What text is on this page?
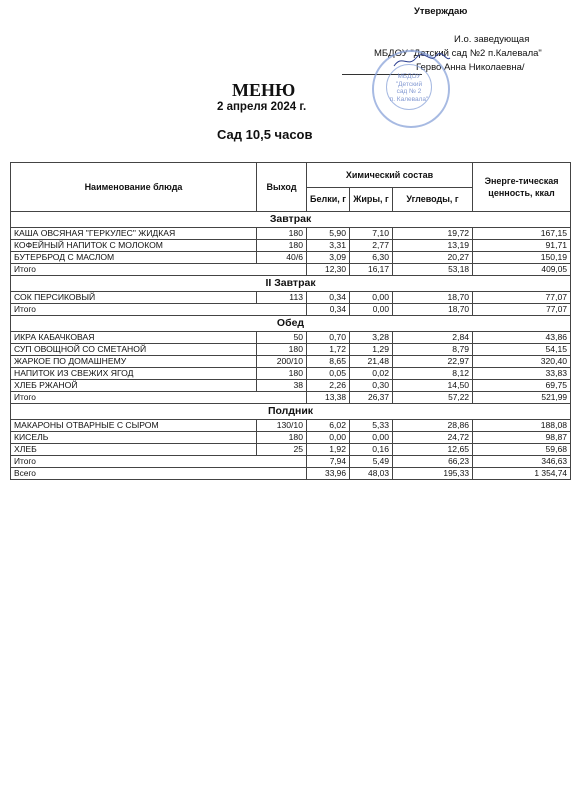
Утверждаю
И.о. заведующая
МБДОУ "Детский сад №2 п.Калевала"
Герво Анна Николаевна/
МБДОУ
"Детский
сад № 2
п. Калевала"
МЕНЮ
2 апреля 2024 г.
Сад 10,5 часов
Наименование блюда	Выход	Химический состав			Энерге-тическая ценность, ккал
		Белки, г	Жиры, г	Углеводы, г	
Завтрак					
КАША ОВСЯНАЯ "ГЕРКУЛЕС" ЖИДКАЯ	180	5,90	7,10	19,72	167,15
КОФЕЙНЫЙ НАПИТОК С МОЛОКОМ	180	3,31	2,77	13,19	91,71
БУТЕРБРОД С МАСЛОМ	40/6	3,09	6,30	20,27	150,19
Итого		12,30	16,17	53,18	409,05
II Завтрак					
СОК ПЕРСИКОВЫЙ	113	0,34	0,00	18,70	77,07
Итого		0,34	0,00	18,70	77,07
Обед					
ИКРА КАБАЧКОВАЯ	50	0,70	3,28	2,84	43,86
СУП ОВОЩНОЙ СО СМЕТАНОЙ	180	1,72	1,29	8,79	54,15
ЖАРКОЕ ПО ДОМАШНЕМУ	200/10	8,65	21,48	22,97	320,40
НАПИТОК ИЗ СВЕЖИХ ЯГОД	180	0,05	0,02	8,12	33,83
ХЛЕБ РЖАНОЙ	38	2,26	0,30	14,50	69,75
Итого		13,38	26,37	57,22	521,99
Полдник					
МАКАРОНЫ ОТВАРНЫЕ С СЫРОМ	130/10	6,02	5,33	28,86	188,08
КИСЕЛЬ	180	0,00	0,00	24,72	98,87
ХЛЕБ	25	1,92	0,16	12,65	59,68
Итого		7,94	5,49	66,23	346,63
Всего		33,96	48,03	195,33	1 354,74
